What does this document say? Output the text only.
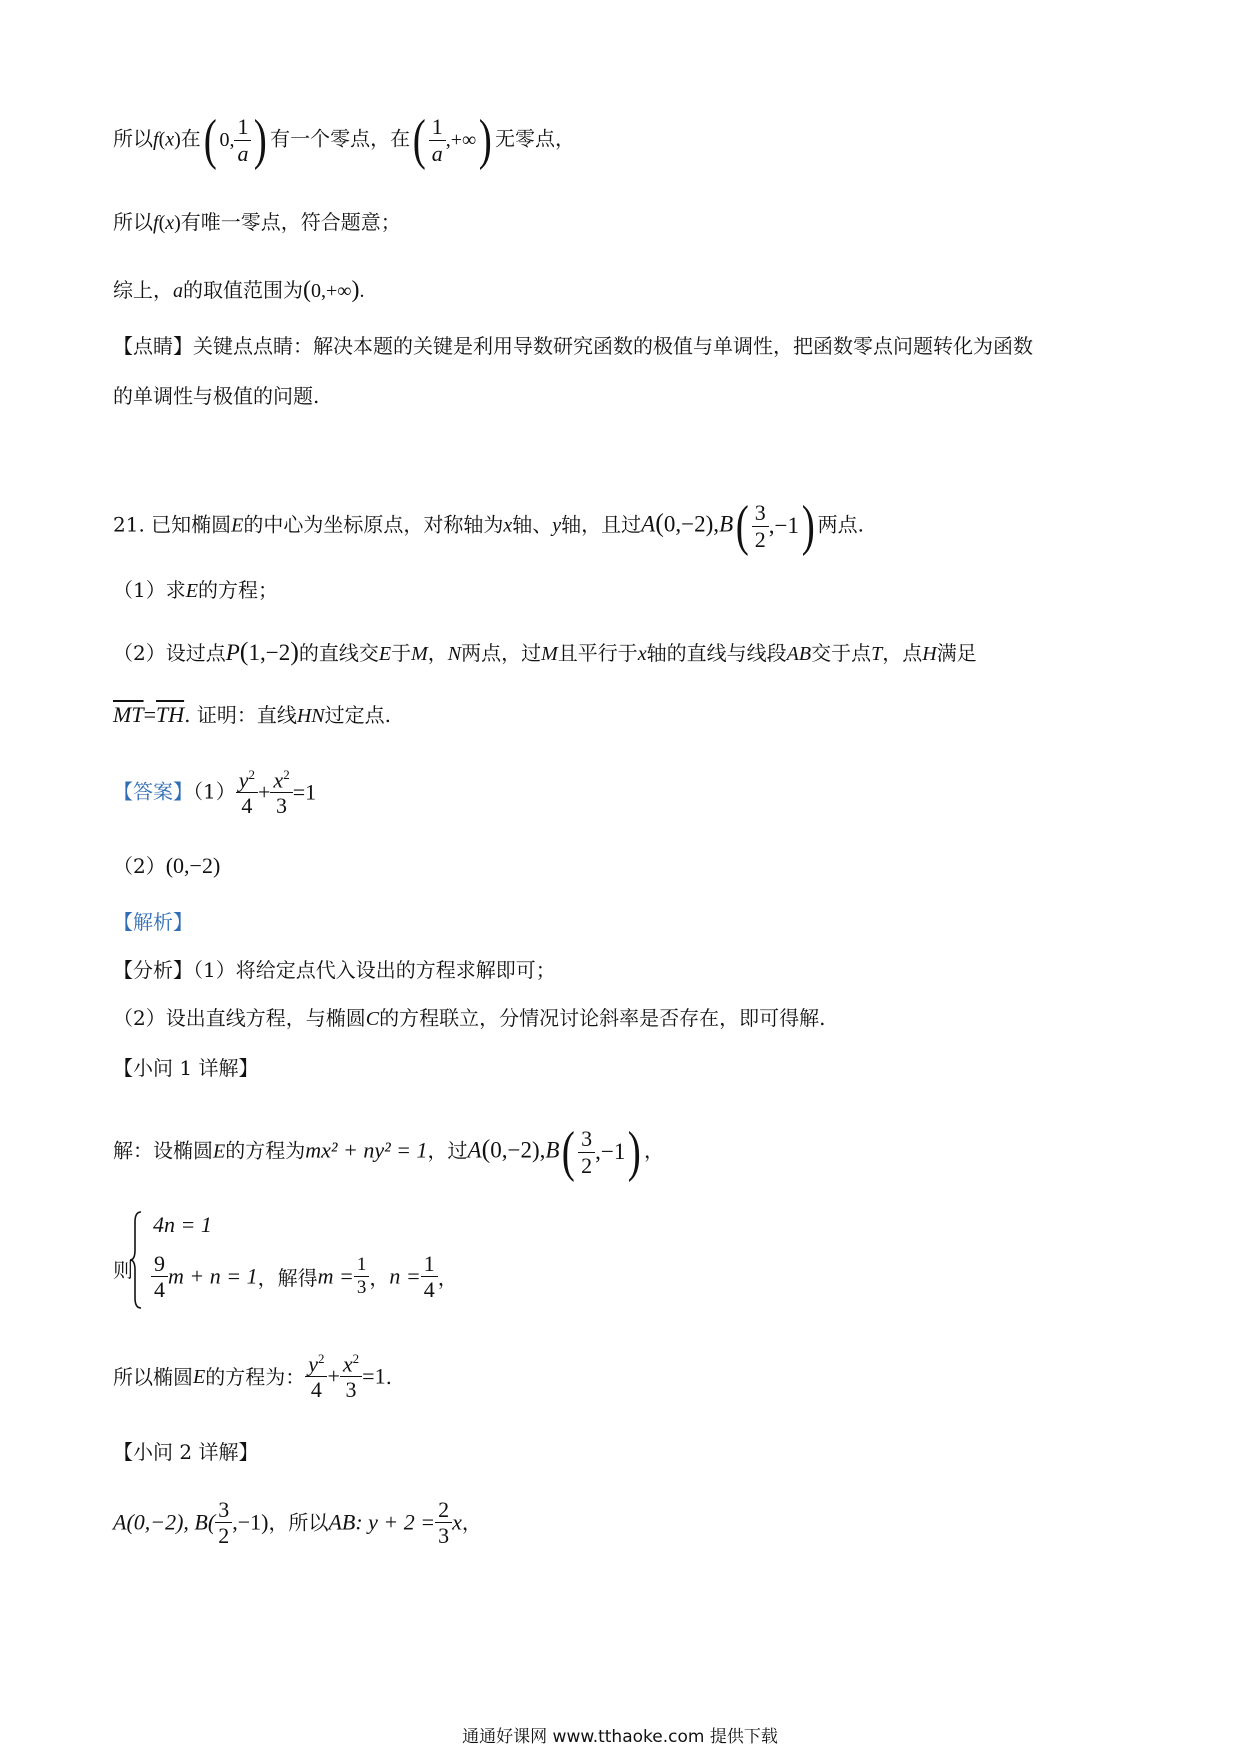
所以f(x)在( 0, $\frac{1}{a}$ ) 有一个零点，在( $\frac{1}{a}$ ,+∞) 无零点，
所以f(x)有唯一零点，符合题意；
综上，a的取值范围为(0,+∞).
【点睛】关键点点睛：解决本题的关键是利用导数研究函数的极值与单调性，把函数零点问题转化为函数
的单调性与极值的问题.
21. 已知椭圆E的中心为坐标原点，对称轴为x轴、y轴，且过$A(0,-2),B( \frac{3}{2} ,-1)$ 两点.
（1）求E的方程；
（2）设过点P(1,−2)的直线交E于M，N两点，过M且平行于x轴的直线与线段AB交于点T，点H满足
$\overline{MT}=\overline{TH}$. 证明：直线HN过定点.
【答案】$(1) \frac{y^2}{4} + \frac{x^2}{3} =1$
（2）(0,−2)
【解析】
【分析】（1）将给定点代入设出的方程求解即可；
（2）设出直线方程，与椭圆C的方程联立，分情况讨论斜率是否存在，即可得解.
【小问 1 详解】
解：设椭圆E的方程为mx² + ny² = 1，过$A(0,-2),B( \frac{3}{2} ,-1)$ ，
则
4n = 1
$\frac{9}{4}$ m + n = 1，解得$m = \frac{1}{3}$ ，$n = \frac{1}{4}$ ，
所以椭圆E的方程为： $\frac{y^2}{4} + \frac{x^2}{3} =1$.
【小问 2 详解】
A(0,−2), $B( \frac{3}{2} ,-1)$，所以AB: $y + 2 = \frac{2}{3}$ x，
通通好课网 www.tthaoke.com 提供下载
